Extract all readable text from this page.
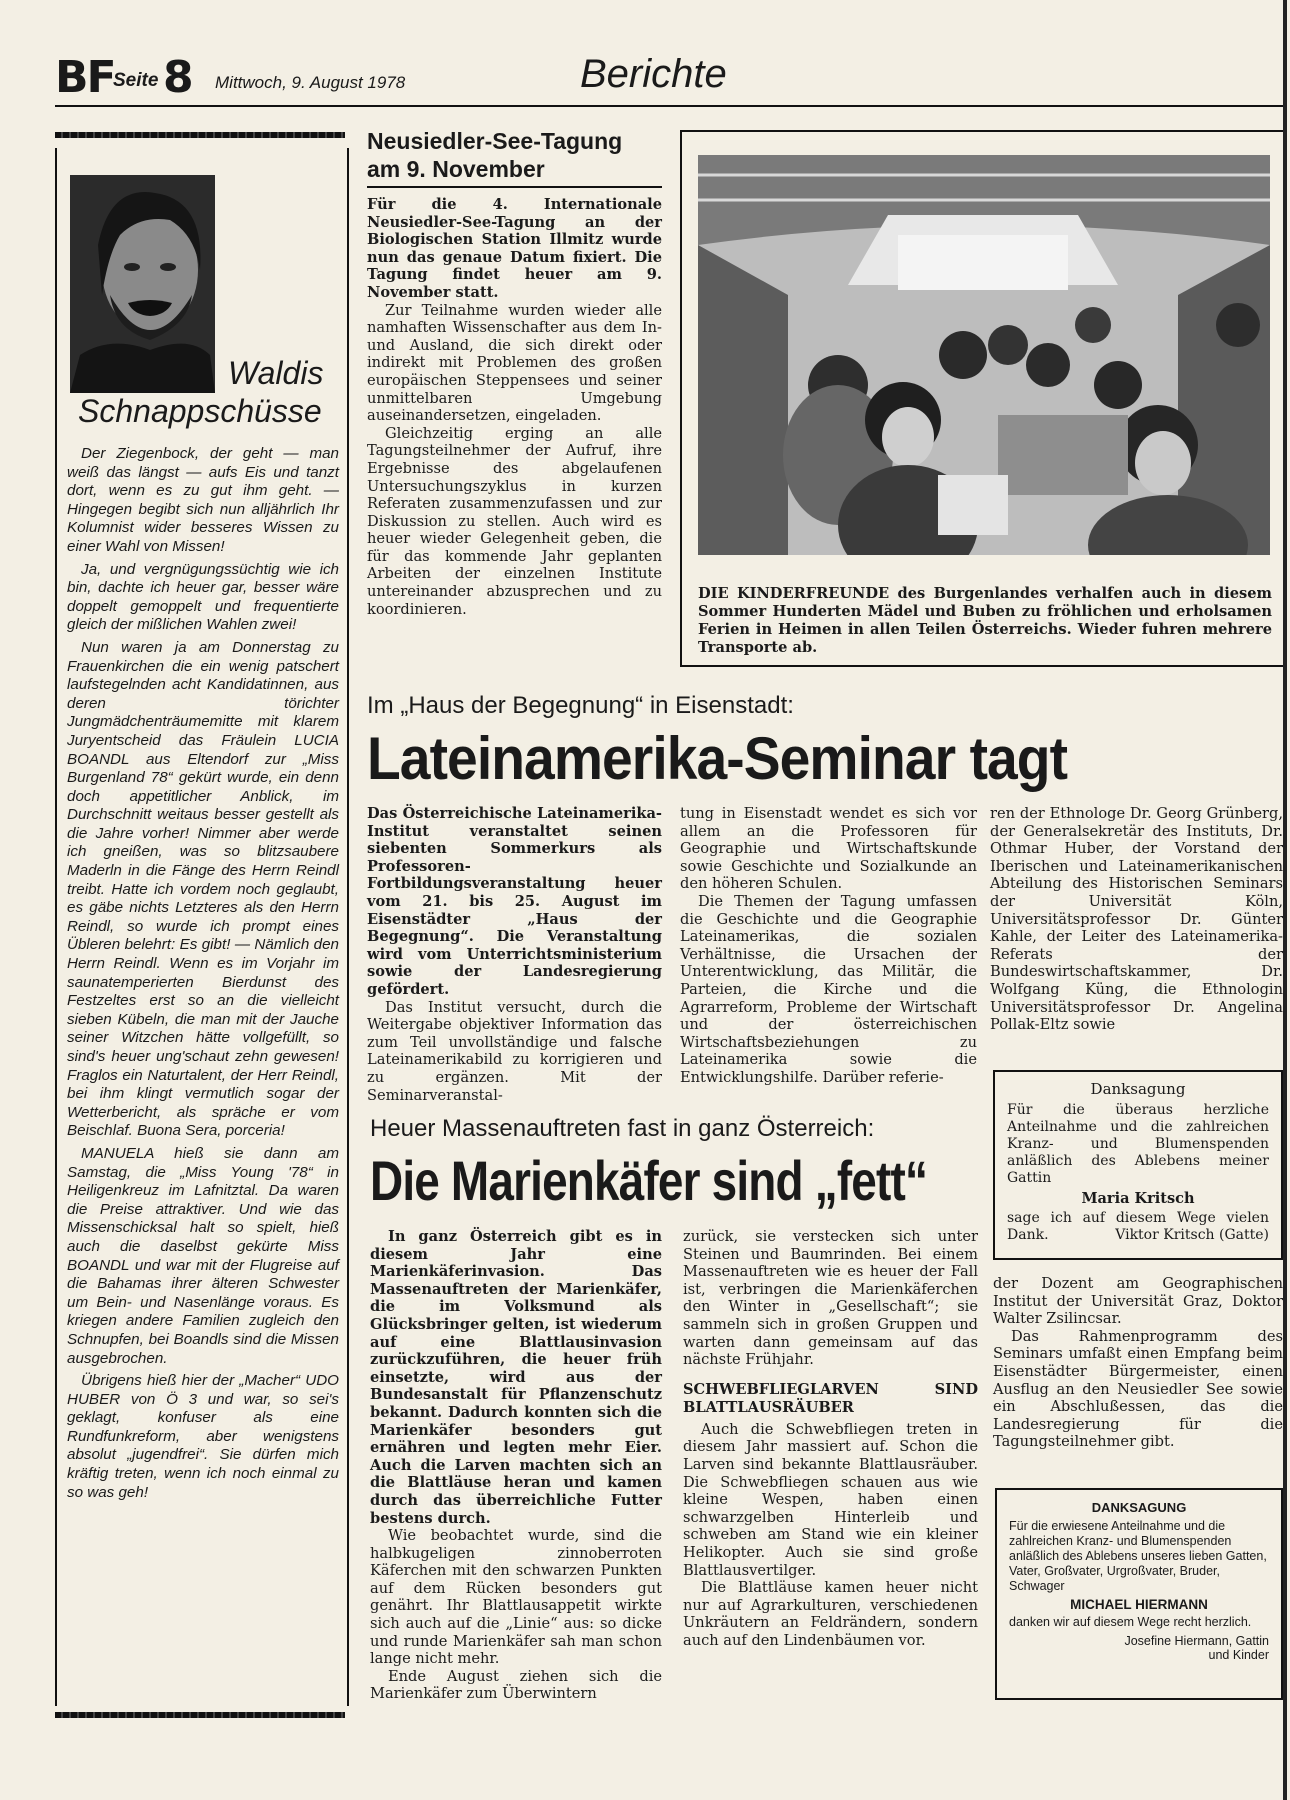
BF
Seite 8 Mittwoch, 9. August 1978	Berichte
Waldis
Schnappschüsse

Der Ziegenbock, der geht — man weiß das längst — aufs Eis und tanzt dort, wenn es zu gut ihm geht. — Hingegen begibt sich nun alljährlich Ihr Kolumnist wider besseres Wissen zu einer Wahl von Missen!

Ja, und vergnügungssüchtig wie ich bin, dachte ich heuer gar, besser wäre doppelt gemoppelt und frequentierte gleich der mißlichen Wahlen zwei!

Nun waren ja am Donnerstag zu Frauenkirchen die ein wenig patschert laufstegelnden acht Kandidatinnen, aus deren törichter Jungmädchenträumemitte mit klarem Juryentscheid das Fräulein LUCIA BOANDL aus Eltendorf zur „Miss Burgenland 78“ gekürt wurde, ein denn doch appetitlicher Anblick, im Durchschnitt weitaus besser gestellt als die Jahre vorher! Nimmer aber werde ich gneißen, was so blitzsaubere Maderln in die Fänge des Herrn Reindl treibt. Hatte ich vordem noch geglaubt, es gäbe nichts Letzteres als den Herrn Reindl, so wurde ich prompt eines Übleren belehrt: Es gibt! — Nämlich den Herrn Reindl. Wenn es im Vorjahr im saunatemperierten Bierdunst des Festzeltes erst so an die vielleicht sieben Kübeln, die man mit der Jauche seiner Witzchen hätte vollgefüllt, so sind's heuer ung'schaut zehn gewesen! Fraglos ein Naturtalent, der Herr Reindl, bei ihm klingt vermutlich sogar der Wetterbericht, als spräche er vom Beischlaf. Buona Sera, porceria!

MANUELA hieß sie dann am Samstag, die „Miss Young '78“ in Heiligenkreuz im Lafnitztal. Da waren die Preise attraktiver. Und wie das Missenschicksal halt so spielt, hieß auch die daselbst gekürte Miss BOANDL und war mit der Flugreise auf die Bahamas ihrer älteren Schwester um Bein- und Nasenlänge voraus. Es kriegen andere Familien zugleich den Schnupfen, bei Boandls sind die Missen ausgebrochen.

Übrigens hieß hier der „Macher“ UDO HUBER von Ö 3 und war, so sei's geklagt, konfuser als eine Rundfunkreform, aber wenigstens absolut „jugendfrei“. Sie dürfen mich kräftig treten, wenn ich noch einmal zu so was geh!

Neusiedler-See-Tagung
am 9. November

Für die 4. Internationale Neusiedler-See-Tagung an der Biologischen Station Illmitz wurde nun das genaue Datum fixiert. Die Tagung findet heuer am 9. November statt.

Zur Teilnahme wurden wieder alle namhaften Wissenschafter aus dem In- und Ausland, die sich direkt oder indirekt mit Problemen des großen europäischen Steppensees und seiner unmittelbaren Umgebung auseinandersetzen, eingeladen.

Gleichzeitig erging an alle Tagungsteilnehmer der Aufruf, ihre Ergebnisse des abgelaufenen Untersuchungszyklus in kurzen Referaten zusammenzufassen und zur Diskussion zu stellen. Auch wird es heuer wieder Gelegenheit geben, die für das kommende Jahr geplanten Arbeiten der einzelnen Institute untereinander abzusprechen und zu koordinieren.

DIE KINDERFREUNDE des Burgenlandes verhalfen auch in diesem Sommer Hunderten Mädel und Buben zu fröhlichen und erholsamen Ferien in Heimen in allen Teilen Österreichs. Wieder fuhren mehrere Transporte ab.
Im „Haus der Begegnung“ in Eisenstadt:
Lateinamerika-Seminar tagt

Das Österreichische Lateinamerika-Institut veranstaltet seinen siebenten Sommerkurs als Professoren-Fortbildungsveranstaltung heuer vom 21. bis 25. August im Eisenstädter „Haus der Begegnung“. Die Veranstaltung wird vom Unterrichtsministerium sowie der Landesregierung gefördert.

Das Institut versucht, durch die Weitergabe objektiver Information das zum Teil unvollständige und falsche Lateinamerikabild zu korrigieren und zu ergänzen. Mit der Seminarveranstal-

tung in Eisenstadt wendet es sich vor allem an die Professoren für Geographie und Wirtschaftskunde sowie Geschichte und Sozialkunde an den höheren Schulen.

Die Themen der Tagung umfassen die Geschichte und die Geographie Lateinamerikas, die sozialen Verhältnisse, die Ursachen der Unterentwicklung, das Militär, die Parteien, die Kirche und die Agrarreform, Probleme der Wirtschaft und der österreichischen Wirtschaftsbeziehungen zu Lateinamerika sowie die Entwicklungshilfe. Darüber referie-

ren der Ethnologe Dr. Georg Grünberg, der Generalsekretär des Instituts, Dr. Othmar Huber, der Vorstand der Iberischen und Lateinamerikanischen Abteilung des Historischen Seminars der Universität Köln, Universitätsprofessor Dr. Günter Kahle, der Leiter des Lateinamerika-Referats der Bundeswirtschaftskammer, Dr. Wolfgang Küng, die Ethnologin Universitätsprofessor Dr. Angelina Pollak-Eltz sowie

Danksagung
Für die überaus herzliche Anteilnahme und die zahlreichen Kranz- und Blumenspenden anläßlich des Ablebens meiner Gattin
Maria Kritsch
sage ich auf diesem Wege vielen Dank.	Viktor Kritsch (Gatte)

der Dozent am Geographischen Institut der Universität Graz, Doktor Walter Zsilincsar.

Das Rahmenprogramm des Seminars umfaßt einen Empfang beim Eisenstädter Bürgermeister, einen Ausflug an den Neusiedler See sowie ein Abschlußessen, das die Landesregierung für die Tagungsteilnehmer gibt.

Heuer Massenauftreten fast in ganz Österreich:
Die Marienkäfer sind „fett“

In ganz Österreich gibt es in diesem Jahr eine Marienkäferinvasion. Das Massenauftreten der Marienkäfer, die im Volksmund als Glücksbringer gelten, ist wiederum auf eine Blattlausinvasion zurückzuführen, die heuer früh einsetzte, wird aus der Bundesanstalt für Pflanzenschutz bekannt. Dadurch konnten sich die Marienkäfer besonders gut ernähren und legten mehr Eier. Auch die Larven machten sich an die Blattläuse heran und kamen durch das überreichliche Futter bestens durch.

Wie beobachtet wurde, sind die halbkugeligen zinnoberroten Käferchen mit den schwarzen Punkten auf dem Rücken besonders gut genährt. Ihr Blattlausappetit wirkte sich auch auf die „Linie“ aus: so dicke und runde Marienkäfer sah man schon lange nicht mehr.

Ende August ziehen sich die Marienkäfer zum Überwintern

zurück, sie verstecken sich unter Steinen und Baumrinden. Bei einem Massenauftreten wie es heuer der Fall ist, verbringen die Marienkäferchen den Winter in „Gesellschaft“; sie sammeln sich in großen Gruppen und warten dann gemeinsam auf das nächste Frühjahr.

SCHWEBFLIEGLARVEN SIND BLATTLAUSRÄUBER

Auch die Schwebfliegen treten in diesem Jahr massiert auf. Schon die Larven sind bekannte Blattlausräuber. Die Schwebfliegen schauen aus wie kleine Wespen, haben einen schwarzgelben Hinterleib und schweben am Stand wie ein kleiner Helikopter. Auch sie sind große Blattlausvertilger.

Die Blattläuse kamen heuer nicht nur auf Agrarkulturen, verschiedenen Unkräutern an Feldrändern, sondern auch auf den Lindenbäumen vor.

DANKSAGUNG
Für die erwiesene Anteilnahme und die zahlreichen Kranz- und Blumenspenden anläßlich des Ablebens unseres lieben Gatten, Vater, Großvater, Urgroßvater, Bruder, Schwager
MICHAEL HIERMANN
danken wir auf diesem Wege recht herzlich.
Josefine Hiermann, Gattin
und Kinder
